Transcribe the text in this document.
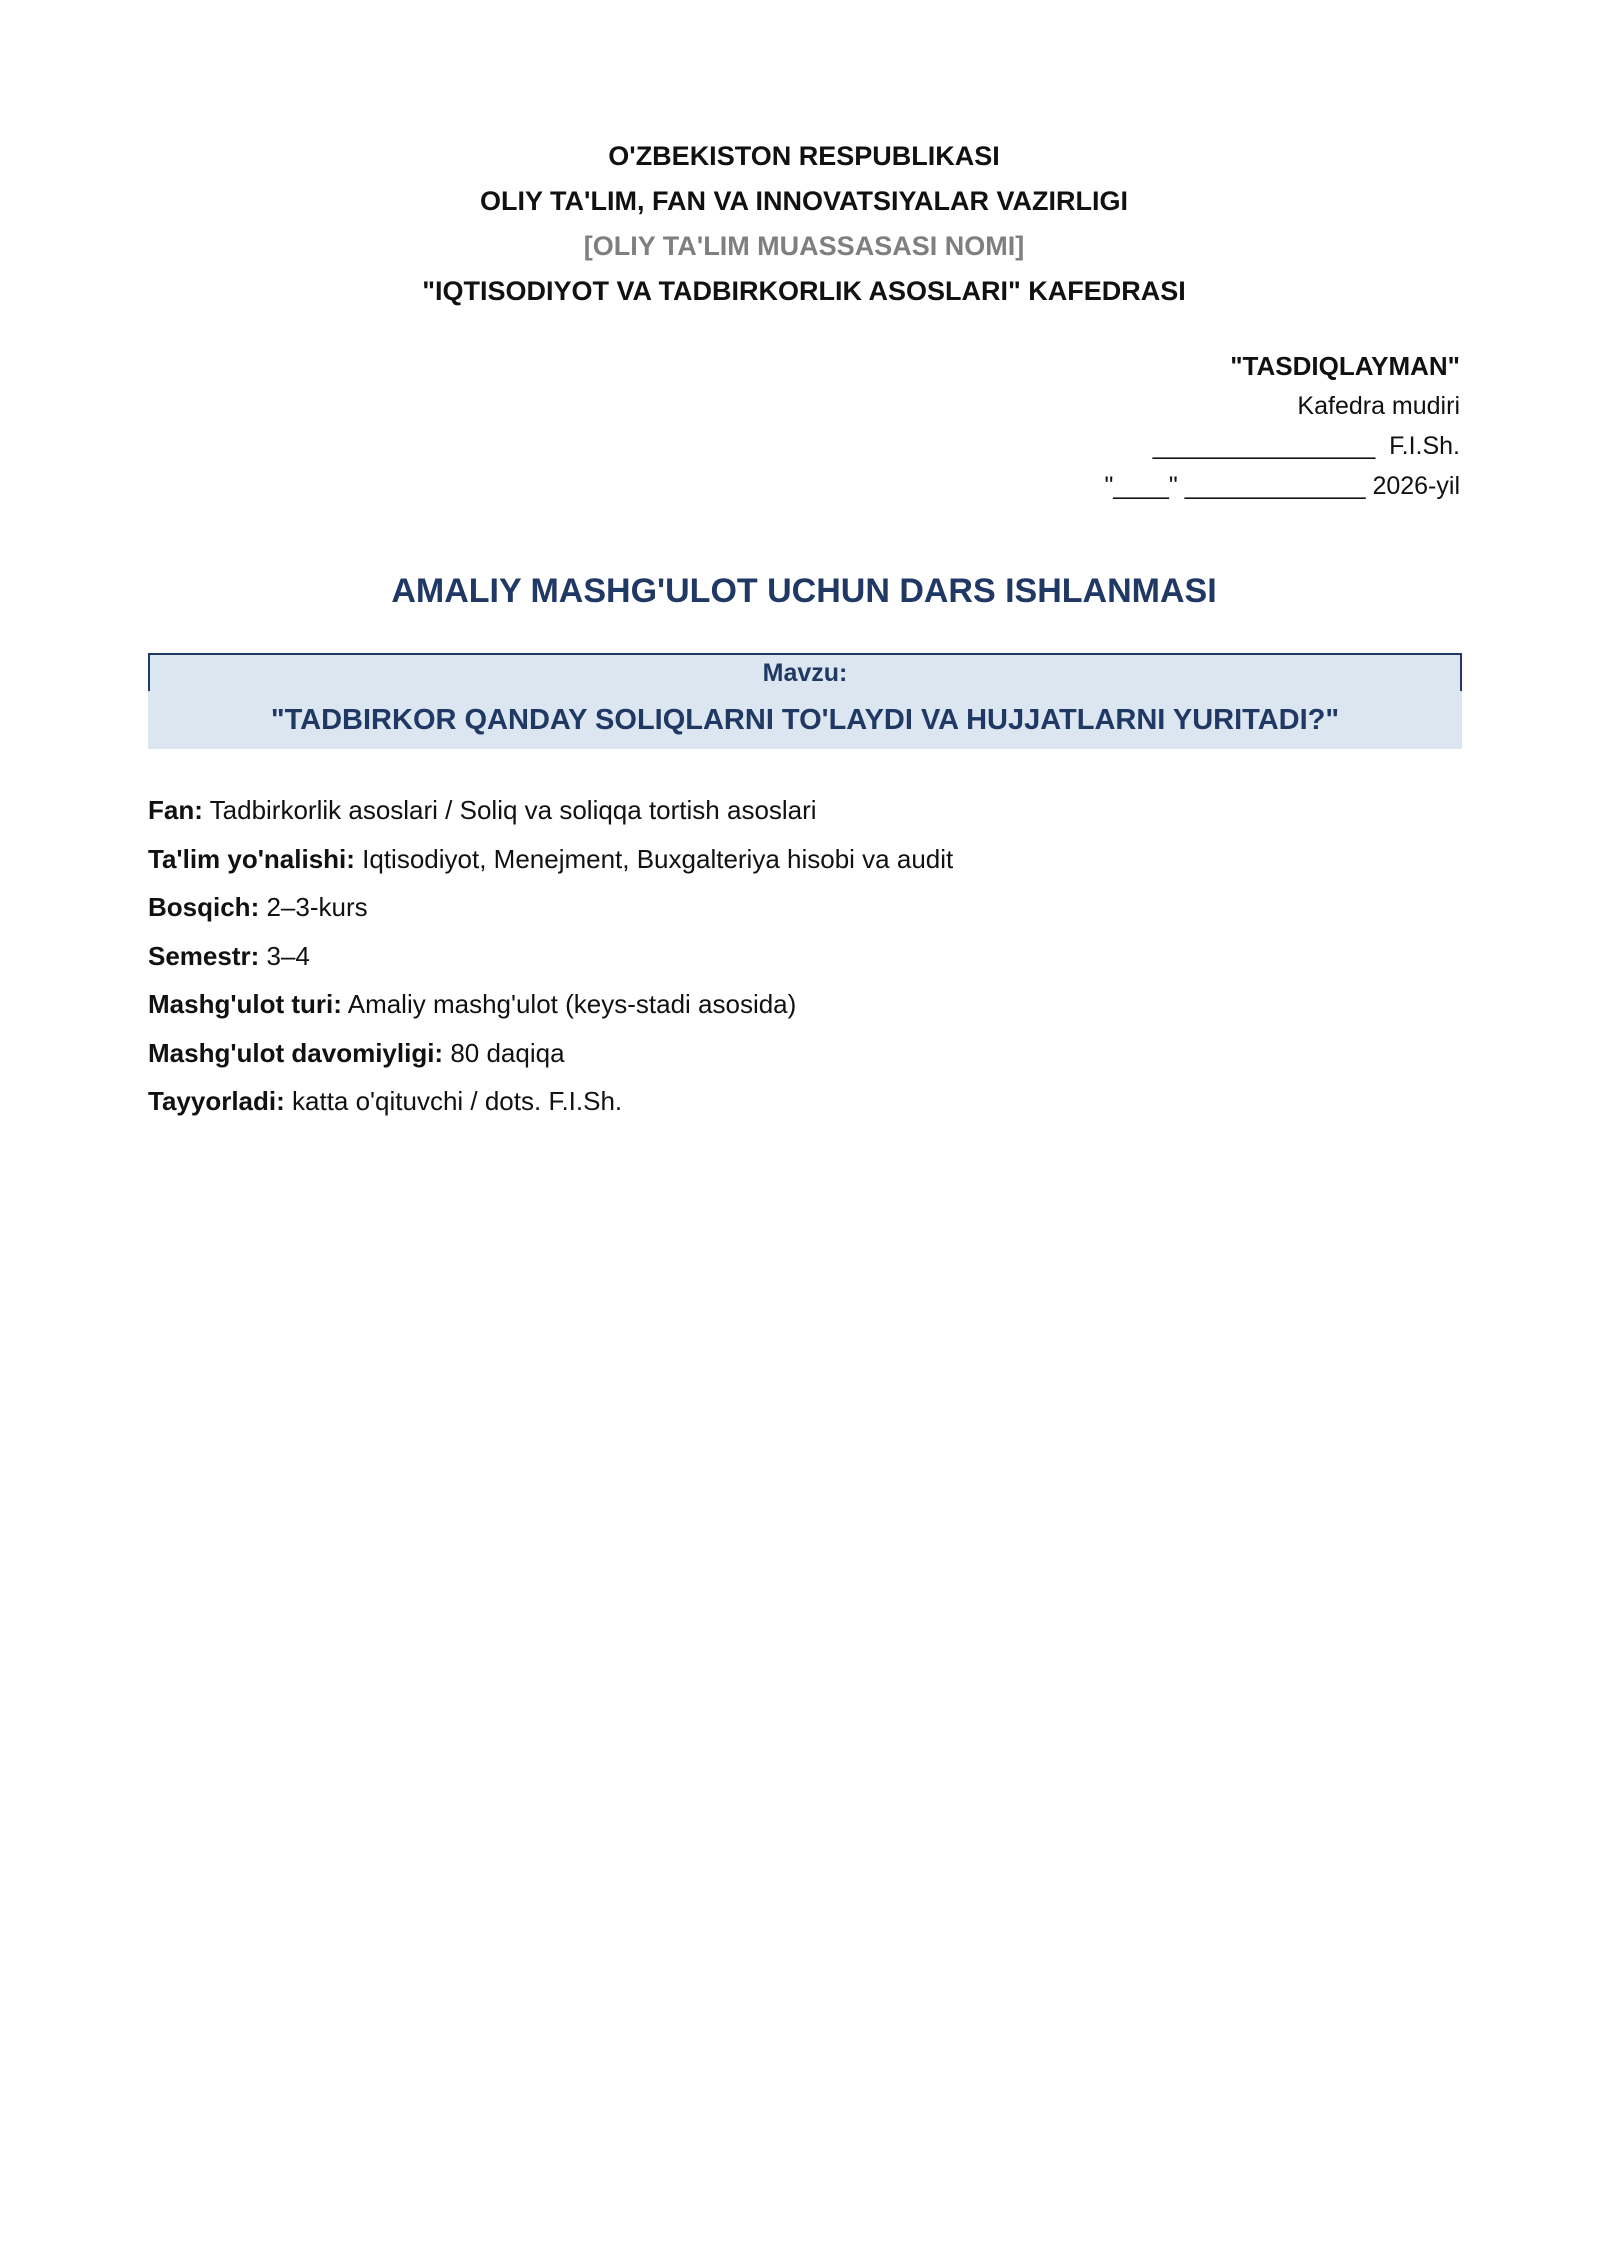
O'ZBEKISTON RESPUBLIKASI
OLIY TA'LIM, FAN VA INNOVATSIYALAR VAZIRLIGI
[OLIY TA'LIM MUASSASASI NOMI]
"IQTISODIYOT VA TADBIRKORLIK ASOSLARI" KAFEDRASI
"TASDIQLAYMAN"
Kafedra mudiri
________________  F.I.Sh.
"____" _____________ 2026-yil
AMALIY MASHG'ULOT UCHUN DARS ISHLANMASI
Mavzu:
"TADBIRKOR QANDAY SOLIQLARNI TO'LAYDI VA HUJJATLARNI YURITADI?"
Fan: Tadbirkorlik asoslari / Soliq va soliqqa tortish asoslari
Ta'lim yo'nalishi: Iqtisodiyot, Menejment, Buxgalteriya hisobi va audit
Bosqich: 2–3-kurs
Semestr: 3–4
Mashg'ulot turi: Amaliy mashg'ulot (keys-stadi asosida)
Mashg'ulot davomiyligi: 80 daqiqa
Tayyorladi: katta o'qituvchi / dots. F.I.Sh.
